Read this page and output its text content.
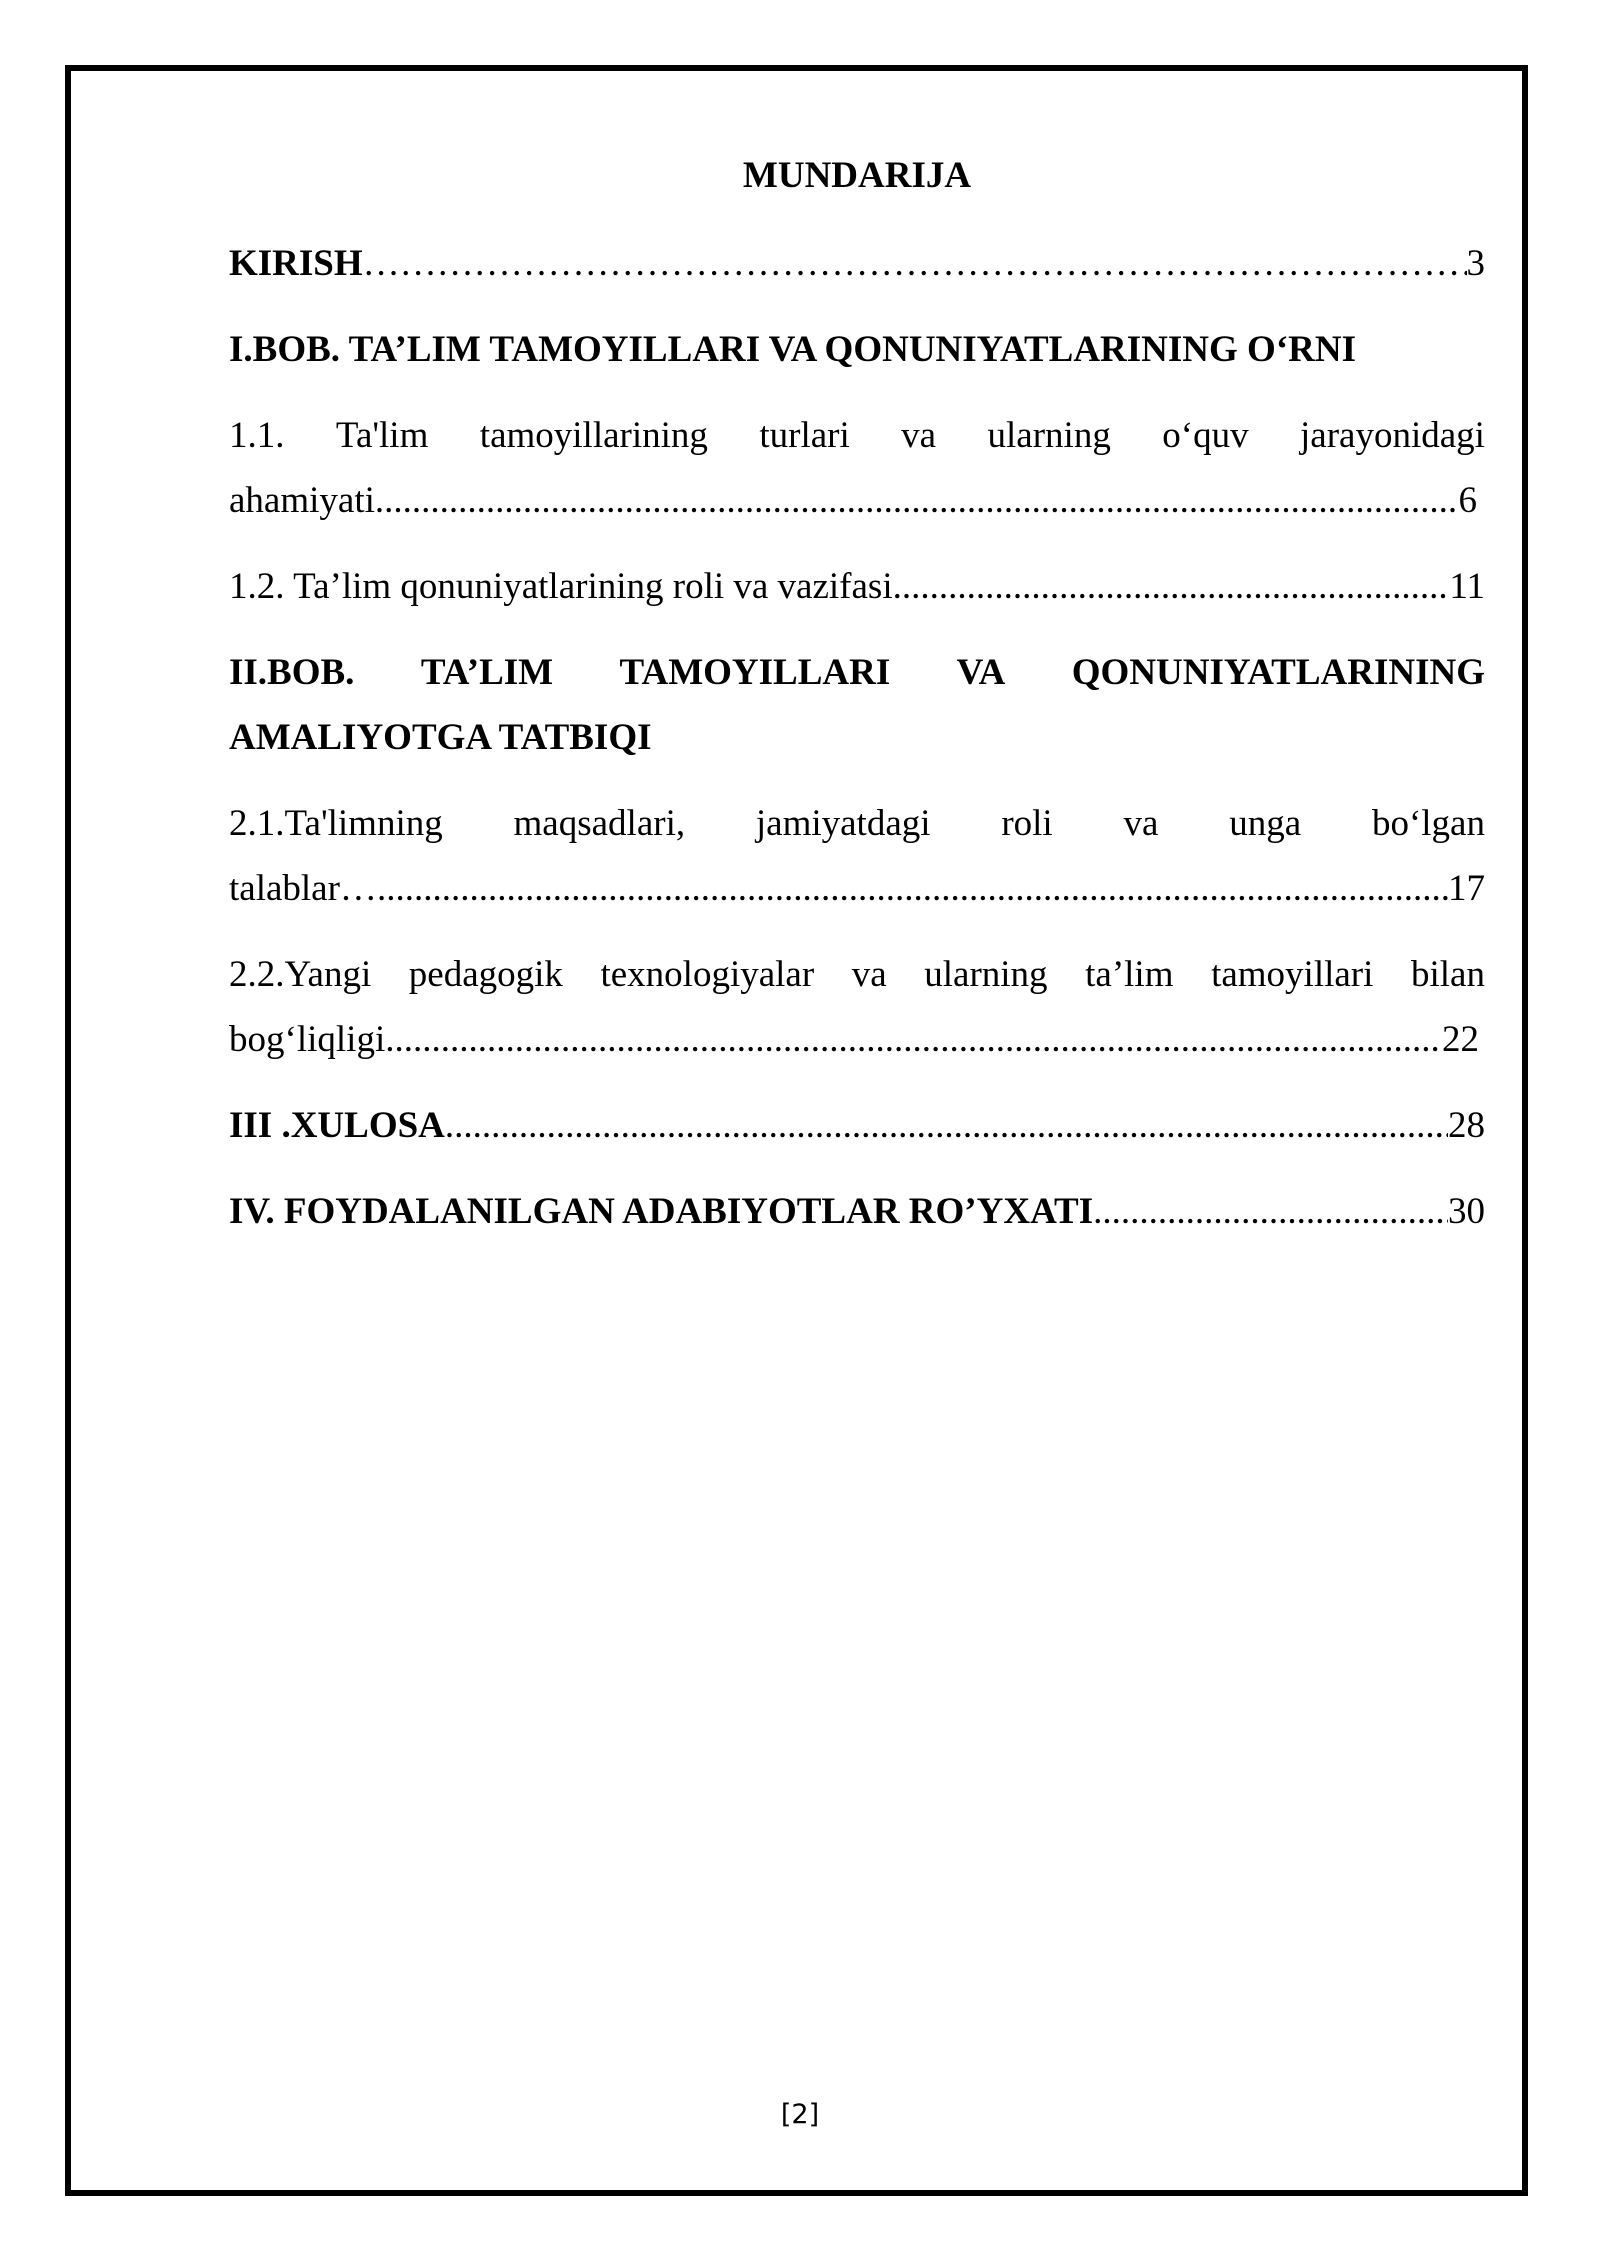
MUNDARIJA
KIRISH ……………………………………………………………………………………………………………………………………………………………………………………	3
I.BOB. TA’LIM TAMOYILLARI VA QONUNIYATLARINING O‘RNI
1.1. Ta'lim tamoyillarining turlari va ularning o‘quv jarayonidagi
ahamiyati .....	6
1.2. Ta’lim qonuniyatlarining roli va vazifasi .....	11
II.BOB. TA’LIM TAMOYILLARI VA QONUNIYATLARINING
AMALIYOTGA TATBIQI
2.1.Ta'limning maqsadlari, jamiyatdagi roli va unga bo‘lgan
talablar… .....	17
2.2.Yangi pedagogik texnologiyalar va ularning ta’lim tamoyillari bilan
bog‘liqligi .....	22
III .XULOSA .....	28
IV. FOYDALANILGAN ADABIYOTLAR RO’YXATI .....	30
[2]
